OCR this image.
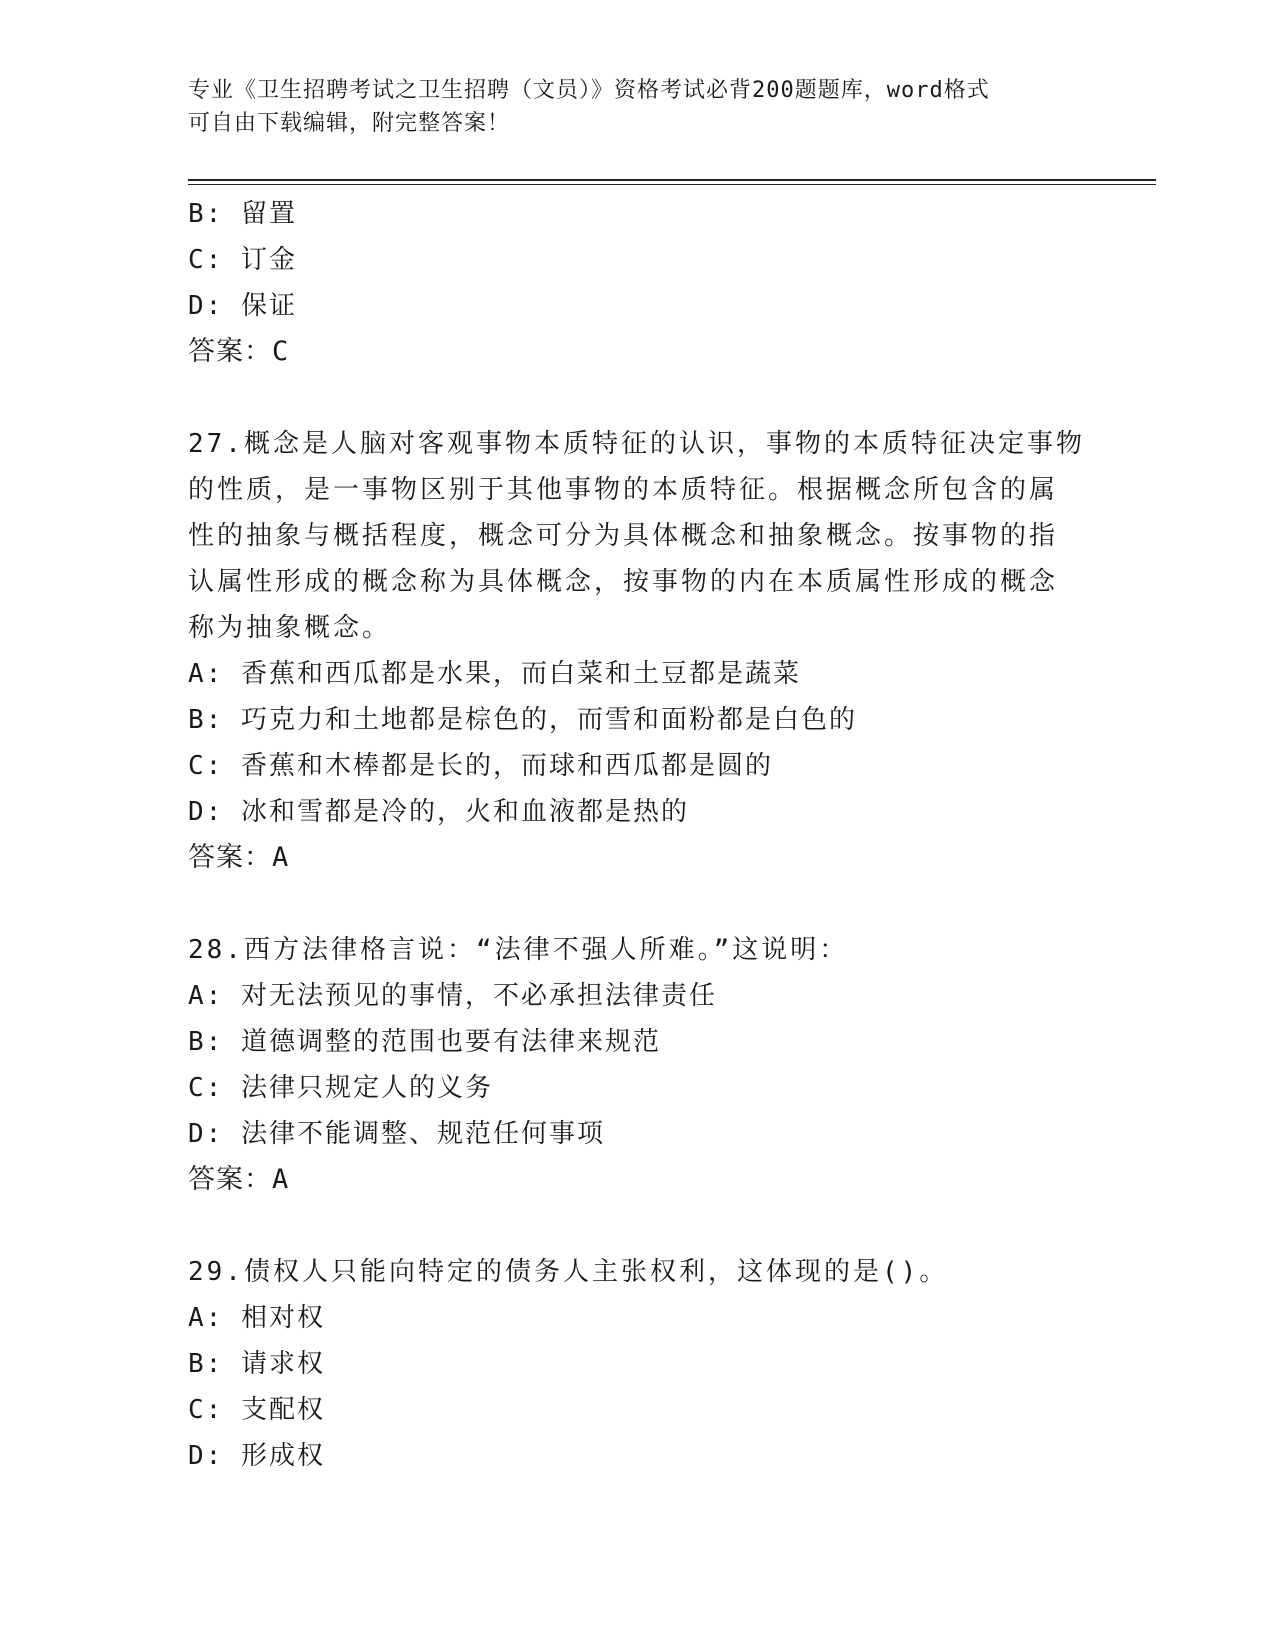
专业《卫生招聘考试之卫生招聘（文员）》资格考试必背200题题库，word格式
可自由下载编辑，附完整答案！
B: 留置
C: 订金
D: 保证
答案：C
27.概念是人脑对客观事物本质特征的认识，事物的本质特征决定事物
的性质，是一事物区别于其他事物的本质特征。根据概念所包含的属
性的抽象与概括程度，概念可分为具体概念和抽象概念。按事物的指
认属性形成的概念称为具体概念，按事物的内在本质属性形成的概念
称为抽象概念。
A: 香蕉和西瓜都是水果，而白菜和土豆都是蔬菜
B: 巧克力和土地都是棕色的，而雪和面粉都是白色的
C: 香蕉和木棒都是长的，而球和西瓜都是圆的
D: 冰和雪都是冷的，火和血液都是热的
答案：A
28.西方法律格言说：“法律不强人所难。”这说明：
A: 对无法预见的事情，不必承担法律责任
B: 道德调整的范围也要有法律来规范
C: 法律只规定人的义务
D: 法律不能调整、规范任何事项
答案：A
29.债权人只能向特定的债务人主张权利，这体现的是()。
A: 相对权
B: 请求权
C: 支配权
D: 形成权
